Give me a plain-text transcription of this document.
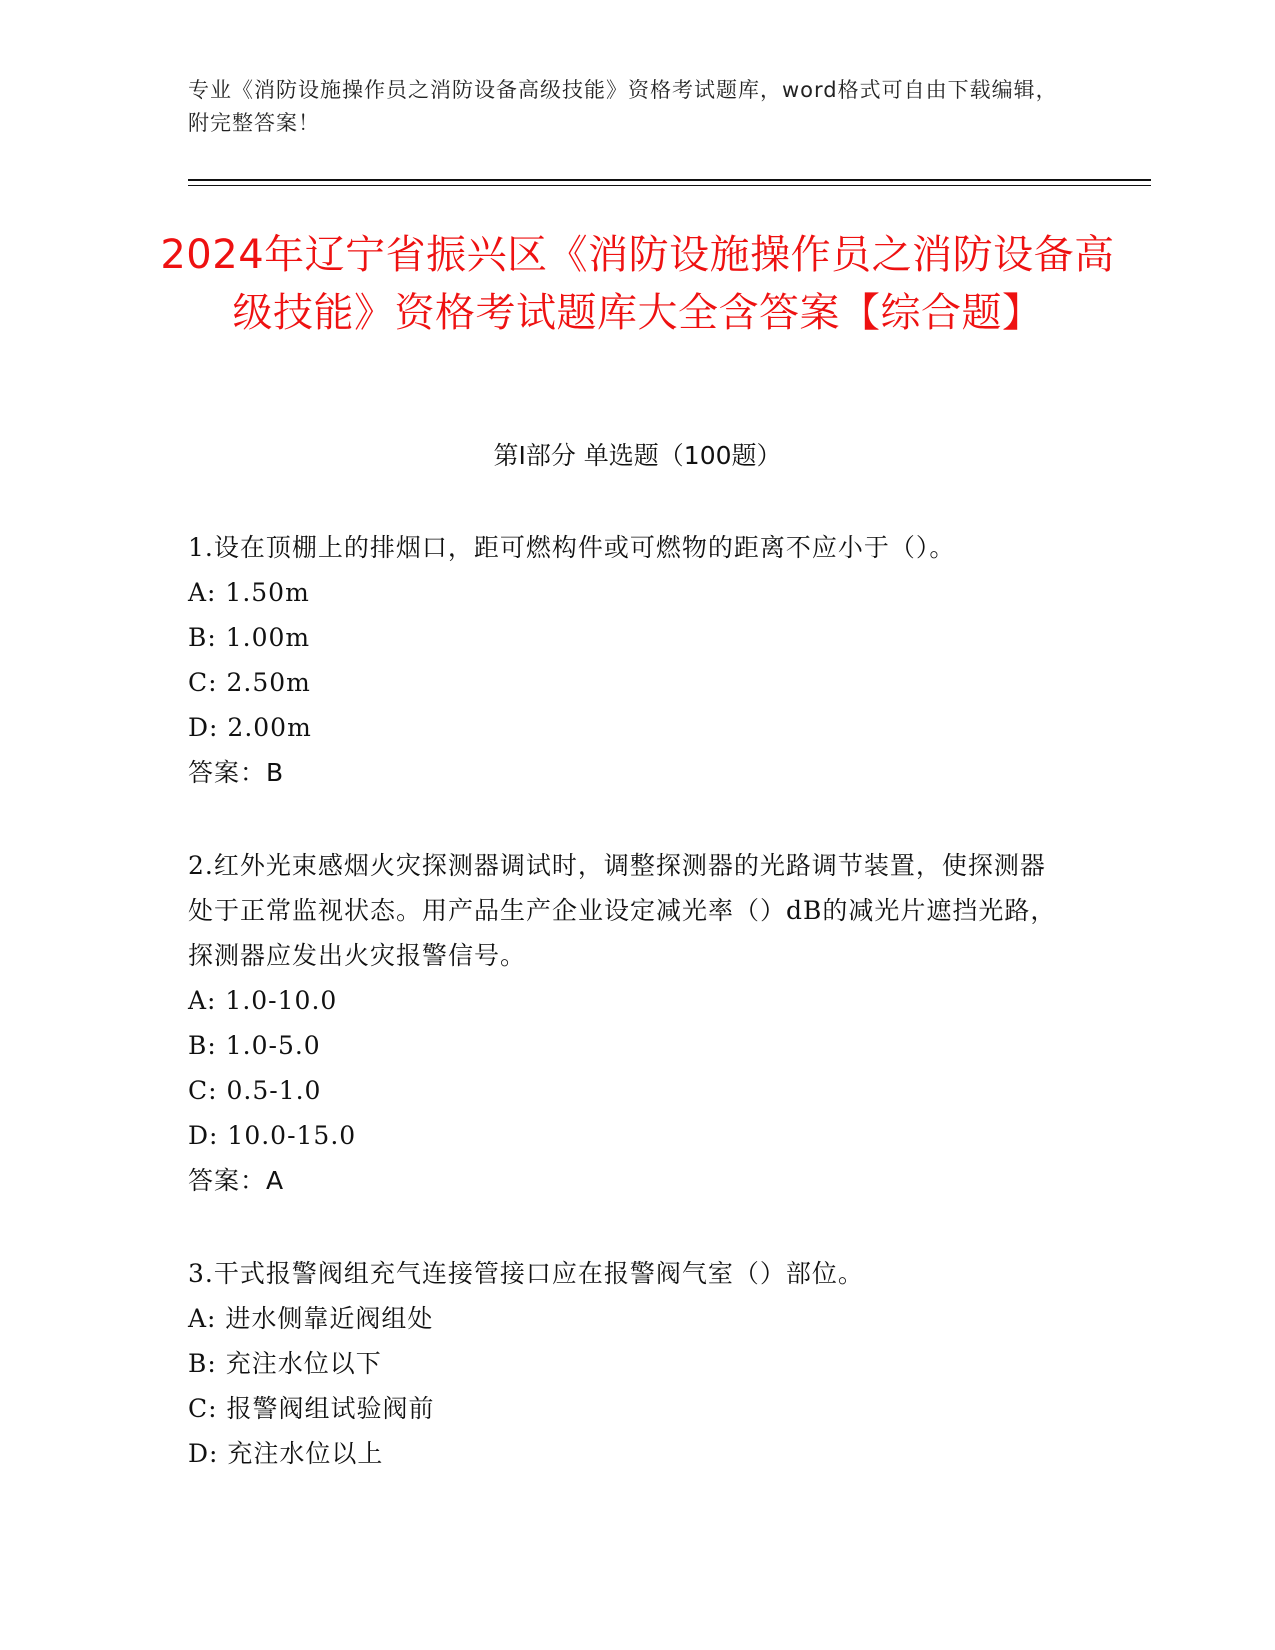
专业《消防设施操作员之消防设备高级技能》资格考试题库，word格式可自由下载编辑，附完整答案！
2024年辽宁省振兴区《消防设施操作员之消防设备高级技能》资格考试题库大全含答案【综合题】
第I部分 单选题（100题）

1.设在顶棚上的排烟口，距可燃构件或可燃物的距离不应小于（）。

A: 1.50m

B: 1.00m

C: 2.50m

D: 2.00m

答案：B

2.红外光束感烟火灾探测器调试时，调整探测器的光路调节装置，使探测器处于正常监视状态。用产品生产企业设定减光率（）dB的减光片遮挡光路，探测器应发出火灾报警信号。

A: 1.0-10.0

B: 1.0-5.0

C: 0.5-1.0

D: 10.0-15.0

答案：A

3.干式报警阀组充气连接管接口应在报警阀气室（）部位。

A: 进水侧靠近阀组处

B: 充注水位以下

C: 报警阀组试验阀前

D: 充注水位以上
